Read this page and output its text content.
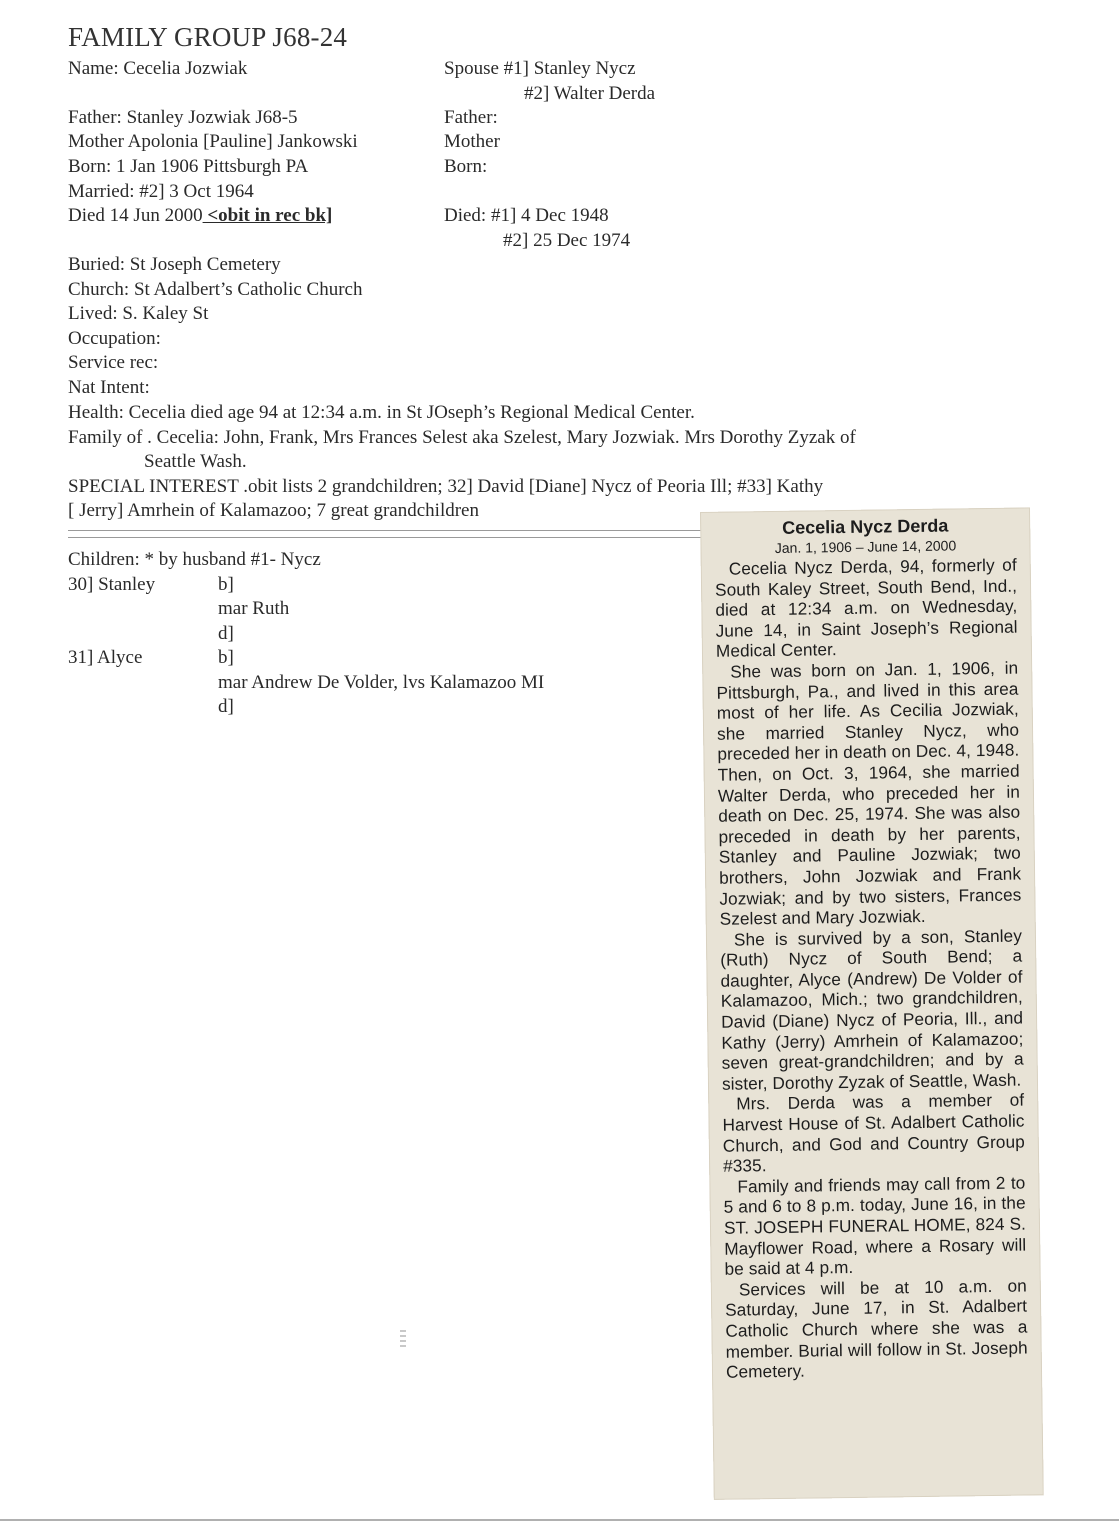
FAMILY GROUP J68-24
Name: Cecelia Jozwiak
Father: Stanley Jozwiak J68-5
Mother Apolonia [Pauline] Jankowski
Born: 1 Jan 1906 Pittsburgh PA
Married: #2] 3 Oct 1964
Died 14 Jun 2000 <obit in rec bk]
Buried: St Joseph Cemetery
Church: St Adalbert’s Catholic Church
Lived: S. Kaley St
Occupation:
Service rec:
Nat Intent:
Spouse #1] Stanley Nycz
#2] Walter Derda
Father:
Mother
Born:
Died: #1] 4 Dec 1948
#2] 25 Dec 1974
Health: Cecelia died age 94 at 12:34 a.m. in St JOseph’s Regional Medical Center.
Family of . Cecelia: John, Frank, Mrs Frances Selest aka Szelest, Mary Jozwiak. Mrs Dorothy Zyzak of
Seattle Wash.
SPECIAL INTEREST .obit lists 2 grandchildren; 32] David [Diane] Nycz of Peoria Ill; #33] Kathy
[ Jerry] Amrhein of Kalamazoo; 7 great grandchildren
Children: * by husband #1- Nycz
30] Stanley	b]
mar Ruth
d]
31] Alyce	b]
mar Andrew De Volder, lvs Kalamazoo MI
d]
Cecelia Nycz Derda
Jan. 1, 1906 – June 14, 2000

Cecelia Nycz Derda, 94, formerly of South Kaley Street, South Bend, Ind., died at 12:34 a.m. on Wednesday, June 14, in Saint Joseph’s Regional Medical Center.

She was born on Jan. 1, 1906, in Pittsburgh, Pa., and lived in this area most of her life. As Cecilia Jozwiak, she married Stanley Nycz, who preceded her in death on Dec. 4, 1948. Then, on Oct. 3, 1964, she married Walter Derda, who preceded her in death on Dec. 25, 1974. She was also preceded in death by her parents, Stanley and Pauline Jozwiak; two brothers, John Jozwiak and Frank Jozwiak; and by two sisters, Frances Szelest and Mary Jozwiak.

She is survived by a son, Stanley (Ruth) Nycz of South Bend; a daughter, Alyce (Andrew) De Volder of Kalamazoo, Mich.; two grandchildren, David (Diane) Nycz of Peoria, Ill., and Kathy (Jerry) Amrhein of Kalamazoo; seven great-grandchildren; and by a sister, Dorothy Zyzak of Seattle, Wash.

Mrs. Derda was a member of Harvest House of St. Adalbert Catholic Church, and God and Country Group #335.

Family and friends may call from 2 to 5 and 6 to 8 p.m. today, June 16, in the ST. JOSEPH FUNERAL HOME, 824 S. Mayflower Road, where a Rosary will be said at 4 p.m.

Services will be at 10 a.m. on Saturday, June 17, in St. Adalbert Catholic Church where she was a member. Burial will follow in St. Joseph Cemetery.
